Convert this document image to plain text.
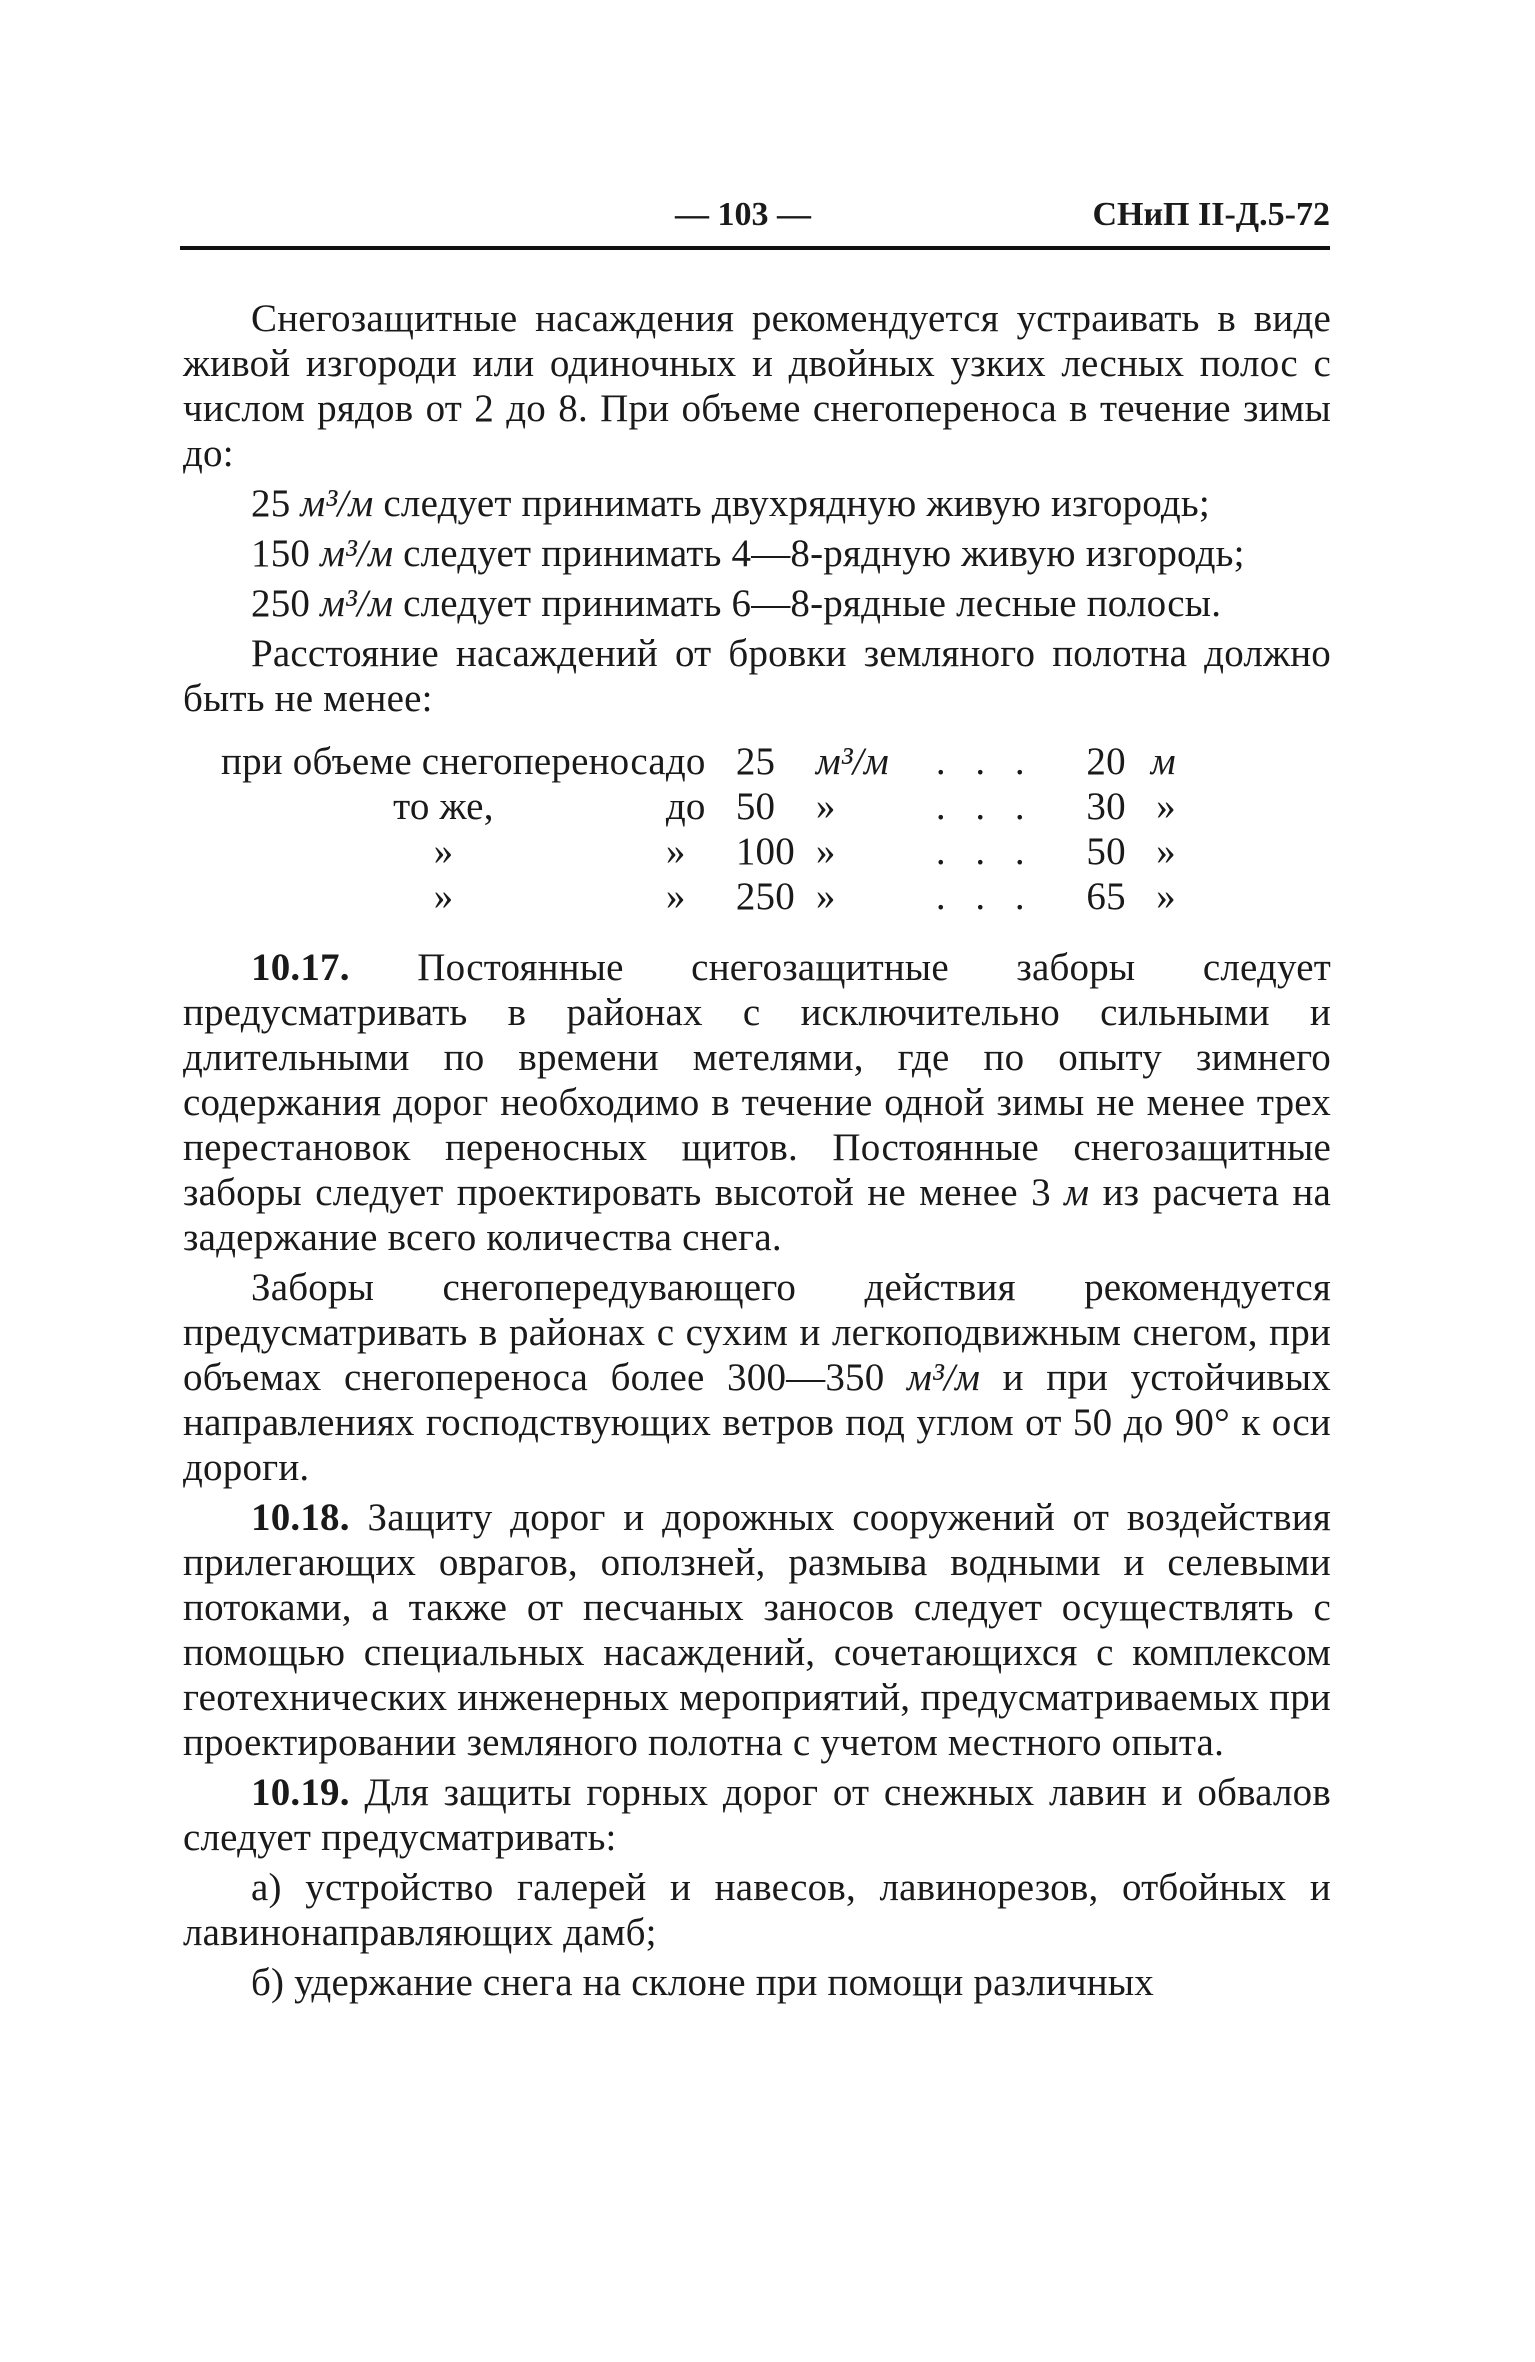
— 103 —	СНиП II-Д.5-72

Снегозащитные насаждения рекомендуется устраивать в виде живой изгороди или одиночных и двойных узких лесных полос с числом рядов от 2 до 8. При объеме снегопереноса в течение зимы до:

25 м³/м следует принимать двухрядную живую изгородь;

150 м³/м следует принимать 4—8-рядную живую изгородь;

250 м³/м следует принимать 6—8-рядные лесные полосы.

Расстояние насаждений от бровки земляного полотна должно быть не менее:

при объеме снегопереноса	до	25	м³/м	. . .	20	м
то же,	до	50	»	. . .	30	»
»	»	100	»	. . .	50	»
»	»	250	»	. . .	65	»

10.17. Постоянные снегозащитные заборы следует предусматривать в районах с исключительно сильными и длительными по времени метелями, где по опыту зимнего содержания дорог необходимо в течение одной зимы не менее трех перестановок переносных щитов. Постоянные снегозащитные заборы следует проектировать высотой не менее 3 м из расчета на задержание всего количества снега.

Заборы снегопередувающего действия рекомендуется предусматривать в районах с сухим и легкоподвижным снегом, при объемах снегопереноса более 300—350 м³/м и при устойчивых направлениях господствующих ветров под углом от 50 до 90° к оси дороги.

10.18. Защиту дорог и дорожных сооружений от воздействия прилегающих оврагов, оползней, размыва водными и селевыми потоками, а также от песчаных заносов следует осуществлять с помощью специальных насаждений, сочетающихся с комплексом геотехнических инженерных мероприятий, предусматриваемых при проектировании земляного полотна с учетом местного опыта.

10.19. Для защиты горных дорог от снежных лавин и обвалов следует предусматривать:

а) устройство галерей и навесов, лавинорезов, отбойных и лавинонаправляющих дамб;

б) удержание снега на склоне при помощи различных
